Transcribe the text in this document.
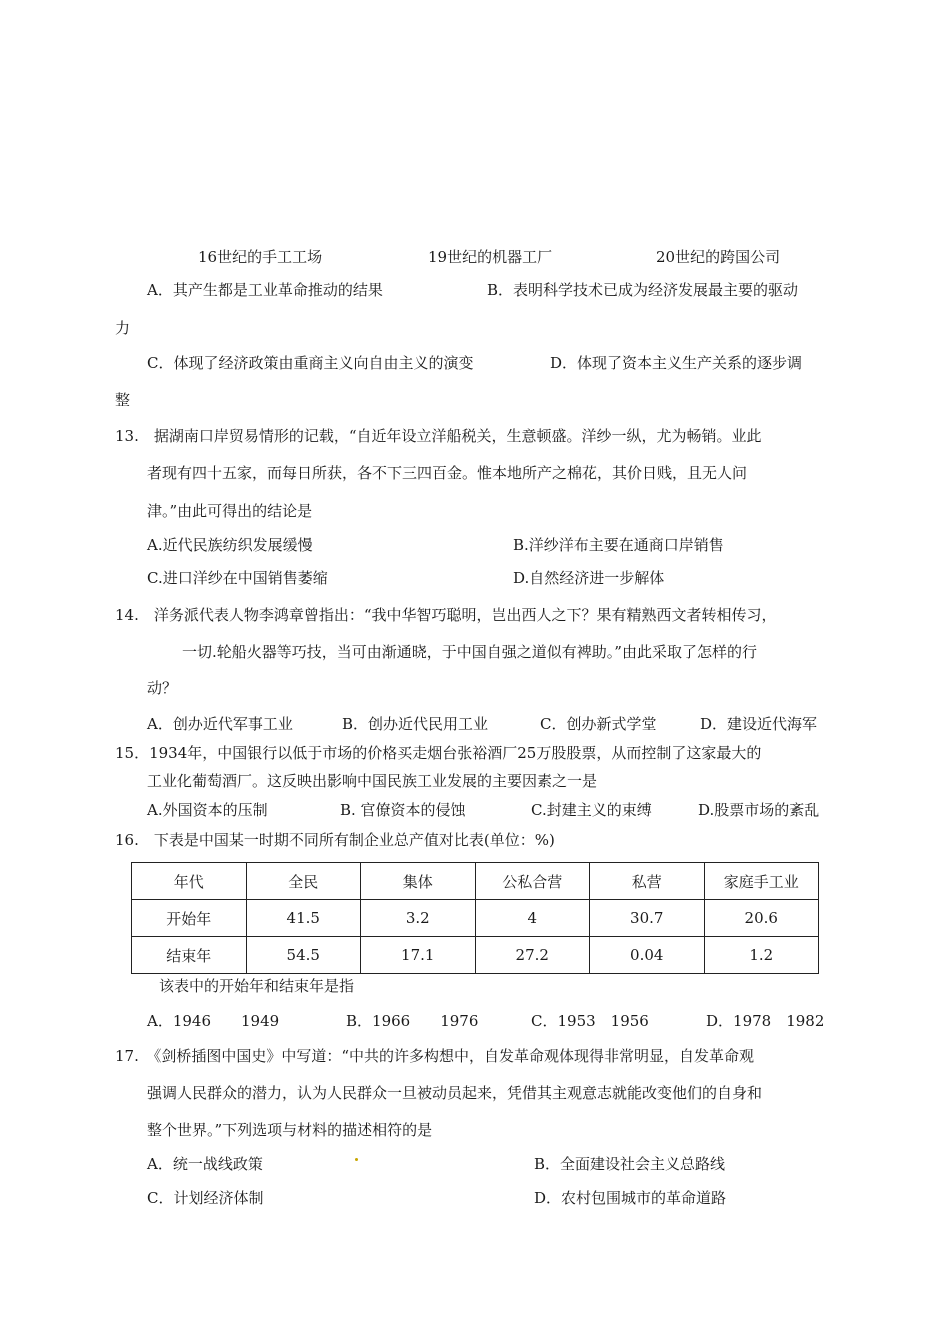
16世纪的手工工场	19世纪的机器工厂	20世纪的跨国公司
A．其产生都是工业革命推动的结果	B．表明科学技术已成为经济发展最主要的驱动
力
C．体现了经济政策由重商主义向自由主义的演变	D．体现了资本主义生产关系的逐步调
整
13.　据湖南口岸贸易情形的记载，“自近年设立洋船税关，生意顿盛。洋纱一纵，尤为畅销。业此
者现有四十五家，而每日所获，各不下三四百金。惟本地所产之棉花，其价日贱，且无人问
津。”由此可得出的结论是
A.近代民族纺织发展缓慢	B.洋纱洋布主要在通商口岸销售
C.进口洋纱在中国销售萎缩	D.自然经济进一步解体
14.　洋务派代表人物李鸿章曾指出：“我中华智巧聪明，岂出西人之下？果有精熟西文者转相传习，
一切.轮船火器等巧技，当可由渐通晓，于中国自强之道似有裨助。”由此采取了怎样的行
动？
A．创办近代军事工业	B．创办近代民用工业	C．创办新式学堂	D．建设近代海军
15．1934年，中国银行以低于市场的价格买走烟台张裕酒厂25万股股票，从而控制了这家最大的
工业化葡萄酒厂。这反映出影响中国民族工业发展的主要因素之一是
A.外国资本的压制	B. 官僚资本的侵蚀	C.封建主义的束缚	D.股票市场的紊乱
16.　下表是中国某一时期不同所有制企业总产值对比表(单位：%)
年代	全民	集体	公私合营	私营	家庭手工业
开始年	41.5	3.2	4	30.7	20.6
结束年	54.5	17.1	27.2	0.04	1.2
该表中的开始年和结束年是指
A．1946　　1949	B．1966　　1976	C．1953　1956	D．1978　1982
17.　《剑桥插图中国史》中写道：“中共的许多构想中，自发革命观体现得非常明显，自发革命观
强调人民群众的潜力，认为人民群众一旦被动员起来，凭借其主观意志就能改变他们的自身和
整个世界。”下列选项与材料的描述相符的是
A．统一战线政策	B．全面建设社会主义总路线
C．计划经济体制	D．农村包围城市的革命道路
